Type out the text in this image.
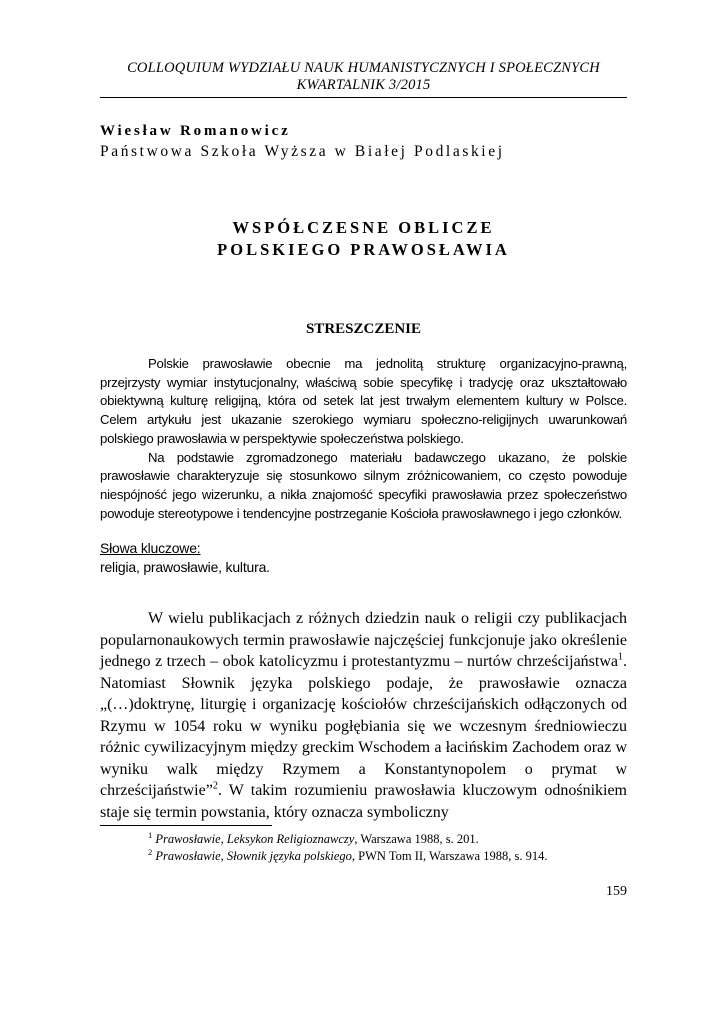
COLLOQUIUM WYDZIAŁU NAUK HUMANISTYCZNYCH I SPOŁECZNYCH
KWARTALNIK 3/2015
Wiesław Romanowicz
Państwowa Szkoła Wyższa w Białej Podlaskiej
WSPÓŁCZESNE OBLICZE
POLSKIEGO PRAWOSŁAWIA
STRESZCZENIE

Polskie prawosławie obecnie ma jednolitą strukturę organizacyjno-prawną, przejrzysty wymiar instytucjonalny, właściwą sobie specyfikę i tradycję oraz ukształtowało obiektywną kulturę religijną, która od setek lat jest trwałym elementem kultury w Polsce. Celem artykułu jest ukazanie szerokiego wymiaru społeczno-religijnych uwarunkowań polskiego prawosławia w perspektywie społeczeństwa polskiego.

Na podstawie zgromadzonego materiału badawczego ukazano, że polskie prawosławie charakteryzuje się stosunkowo silnym zróżnicowaniem, co często powoduje niespójność jego wizerunku, a nikła znajomość specyfiki prawosławia przez społeczeństwo powoduje stereotypowe i tendencyjne postrzeganie Kościoła prawosławnego i jego członków.

Słowa kluczowe:
religia, prawosławie, kultura.

W wielu publikacjach z różnych dziedzin nauk o religii czy publikacjach popularnonaukowych termin prawosławie najczęściej funkcjonuje jako określenie jednego z trzech – obok katolicyzmu i protestantyzmu – nurtów chrześcijaństwa$^1$. Natomiast Słownik języka polskiego podaje, że prawosławie oznacza „(…)doktrynę, liturgię i organizację kościołów chrześcijańskich odłączonych od Rzymu w 1054 roku w wyniku pogłębiania się we wczesnym średniowieczu różnic cywilizacyjnym między greckim Wschodem a łacińskim Zachodem oraz w wyniku walk między Rzymem a Konstantynopolem o prymat w chrześcijaństwie”$^2$. W takim rozumieniu prawosławia kluczowym odnośnikiem staje się termin powstania, który oznacza symboliczny

$^1$ Prawosławie, Leksykon Religioznawczy, Warszawa 1988, s. 201.
$^2$ Prawosławie, Słownik języka polskiego, PWN Tom II, Warszawa 1988, s. 914.
159
